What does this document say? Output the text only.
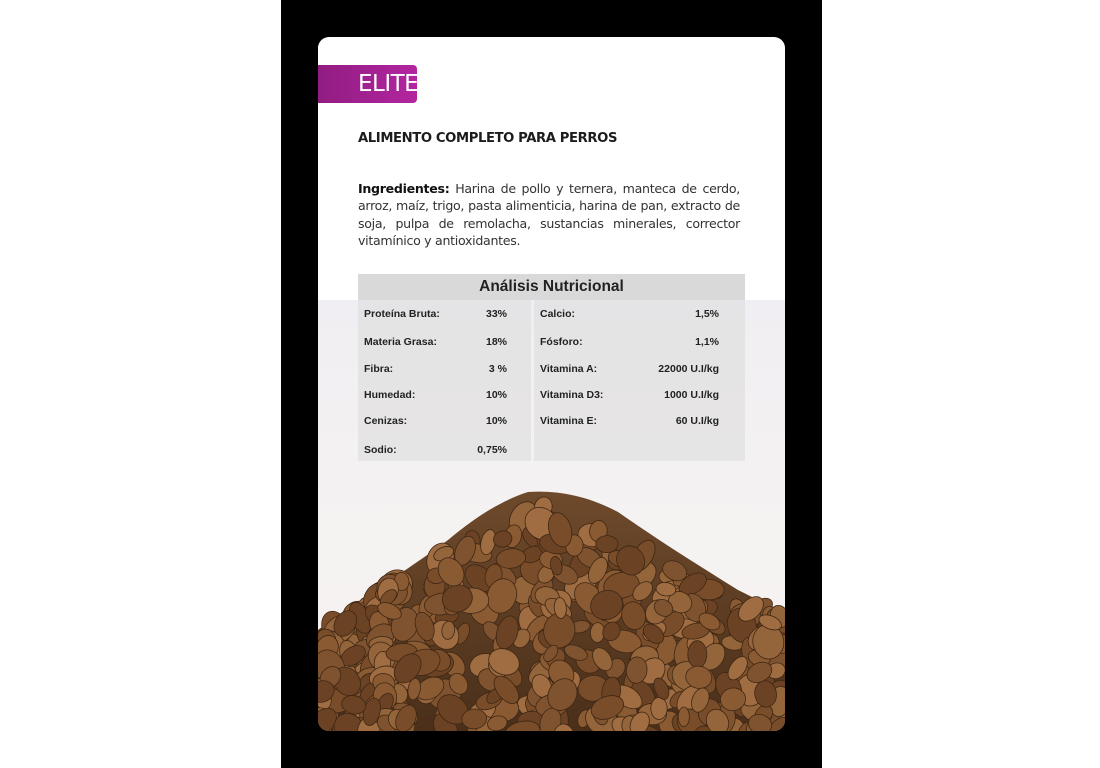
ELITE
ALIMENTO COMPLETO PARA PERROS

Ingredientes: Harina de pollo y ternera, manteca de cerdo, arroz, maíz, trigo, pasta alimenticia, harina de pan, extracto de soja, pulpa de remolacha, sustancias minerales, corrector vitamínico y antioxidantes.

Análisis Nutricional
Proteína Bruta:	33%
Materia Grasa:	18%
Fibra:	3 %
Humedad:	10%
Cenizas:	10%
Sodio:	0,75%
Calcio:	1,5%
Fósforo:	1,1%
Vitamina A:	22000 U.I/kg
Vitamina D3:	1000 U.I/kg
Vitamina E:	60 U.I/kg
